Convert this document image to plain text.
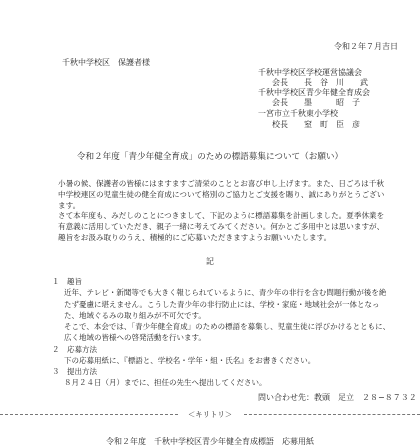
令和２年７月吉日
千秋中学校区　保護者様
千秋中学校区学校運営協議会
会長　　長　谷　川　　武
千秋中学校区青少年健全育成会
会長　　墨　　　昭　子
一宮市立千秋東小学校
校長　　窒　町　臣　彦
令和２年度「青少年健全育成」のための標語募集について（お願い）
小暑の候、保護者の皆様にはますますご清栄のこととお喜び申し上げます。また、日ごろは千秋中学校連区の児童生徒の健全育成について格別のご協力とご支援を賜り、誠にありがとうございます。
さて本年度も、みだしのことにつきまして、下記のように標語募集を計画しました。夏季休業を有意義に活用していただき、親子一緒に考えてみてください。何かとご多用中とは思いますが、趣旨をお汲み取りのうえ、積極的にご応募いただきますようお願いいたします。
記

１　趣旨

近年、テレビ・新聞等でも大きく報じられているように、青少年の非行を含む問題行動が後を絶たず憂慮に堪えません。こうした青少年の非行防止には、学校・家庭・地域社会が一体となった、地域ぐるみの取り組みが不可欠です。

そこで、本会では、「青少年健全育成」のための標語を募集し、児童生徒に浮びかけるとともに、広く地域の皆様への啓発活動を行います。

２　応募方法

下の応募用紙に、『標語と、学校名・学年・組・氏名』をお書きください。

３　提出方法

８月２４日（月）までに、担任の先生へ提出してください。

問い合わせ先：教頭　足立　２８−８７３２
＜キリトリ＞
令和２年度　千秋中学校区青少年健全育成標語　応募用紙
